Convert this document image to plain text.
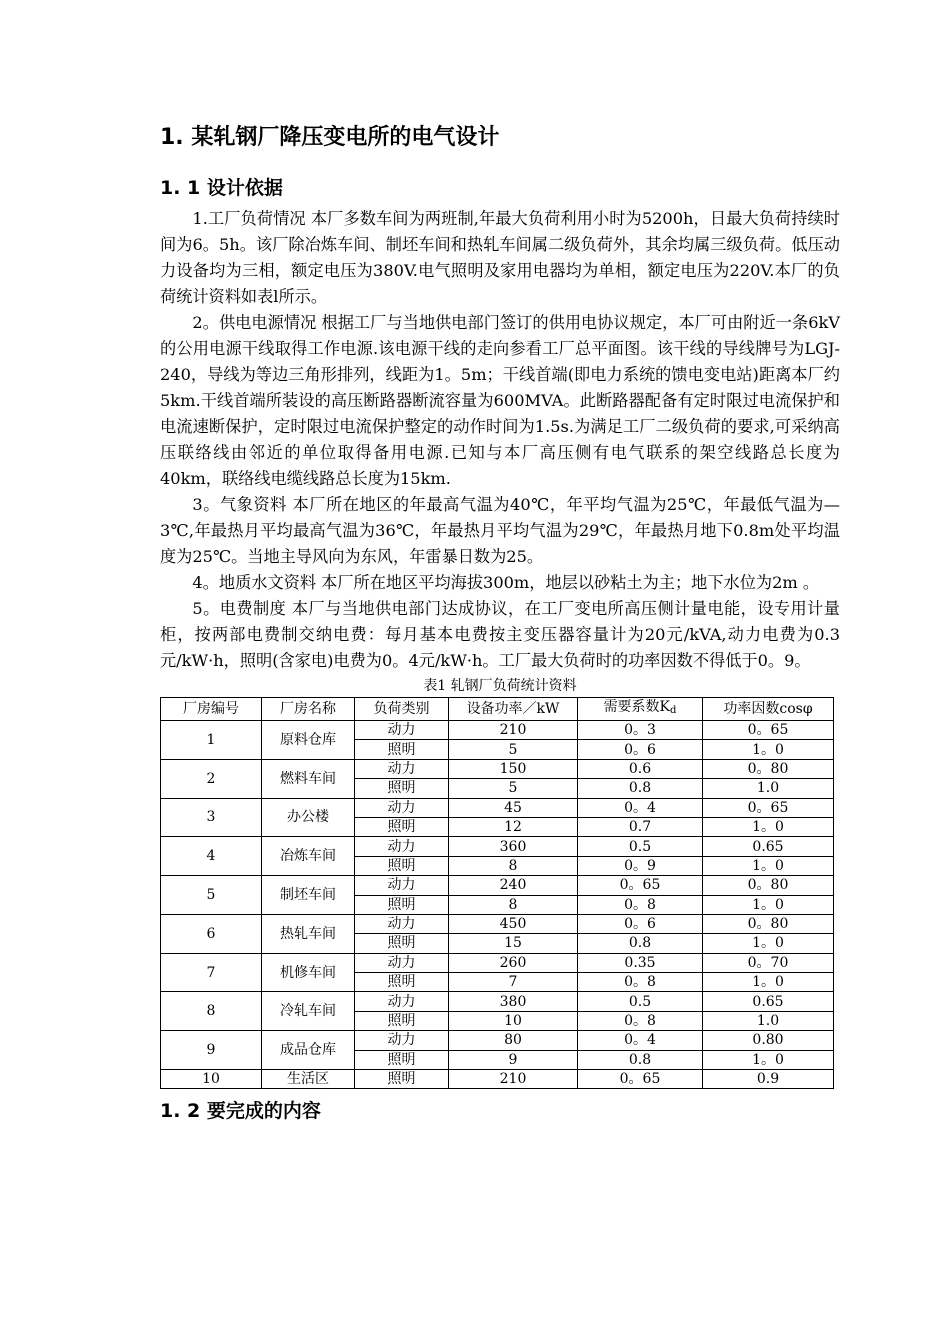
1. 某轧钢厂降压变电所的电气设计
1. 1 设计依据

1.工厂负荷情况 本厂多数车间为两班制,年最大负荷利用小时为5200h，日最大负荷持续时间为6。5h。该厂除冶炼车间、制坯车间和热轧车间属二级负荷外，其余均属三级负荷。低压动力设备均为三相，额定电压为380V.电气照明及家用电器均为单相，额定电压为220V.本厂的负荷统计资料如表l所示。

2。供电电源情况 根据工厂与当地供电部门签订的供用电协议规定，本厂可由附近一条6kV的公用电源干线取得工作电源.该电源干线的走向参看工厂总平面图。该干线的导线牌号为LGJ-240，导线为等边三角形排列，线距为1。5m；干线首端(即电力系统的馈电变电站)距离本厂约5km.干线首端所装设的高压断路器断流容量为600MVA。此断路器配备有定时限过电流保护和电流速断保护，定时限过电流保护整定的动作时间为1.5s.为满足工厂二级负荷的要求,可采纳高压联络线由邻近的单位取得备用电源.已知与本厂高压侧有电气联系的架空线路总长度为40km，联络线电缆线路总长度为15km.

3。气象资料 本厂所在地区的年最高气温为40℃，年平均气温为25℃，年最低气温为—3℃,年最热月平均最高气温为36℃，年最热月平均气温为29℃，年最热月地下0.8m处平均温度为25℃。当地主导风向为东风，年雷暴日数为25。

4。地质水文资料 本厂所在地区平均海拔300m，地层以砂粘土为主；地下水位为2m 。

5。电费制度 本厂与当地供电部门达成协议，在工厂变电所高压侧计量电能，设专用计量柜，按两部电费制交纳电费：每月基本电费按主变压器容量计为20元/kVA,动力电费为0.3元/kW·h，照明(含家电)电费为0。4元/kW·h。工厂最大负荷时的功率因数不得低于0。9。

表1 轧钢厂负荷统计资料
厂房编号	厂房名称	负荷类别	设备功率／kW	需要系数$K_d$	功率因数cosφ
1	原料仓库	动力	210	0。3	0。65
		照明	5	0。6	1。0
2	燃料车间	动力	150	0.6	0。80
		照明	5	0.8	1.0
3	办公楼	动力	45	0。4	0。65
		照明	12	0.7	1。0
4	冶炼车间	动力	360	0.5	0.65
		照明	8	0。9	1。0
5	制坯车间	动力	240	0。65	0。80
		照明	8	0。8	1。0
6	热轧车间	动力	450	0。6	0。80
		照明	15	0.8	1。0
7	机修车间	动力	260	0.35	0。70
		照明	7	0。8	1。0
8	冷轧车间	动力	380	0.5	0.65
		照明	10	0。8	1.0
9	成品仓库	动力	80	0。4	0.80
		照明	9	0.8	1。0
10	生活区	照明	210	0。65	0.9
1. 2 要完成的内容
